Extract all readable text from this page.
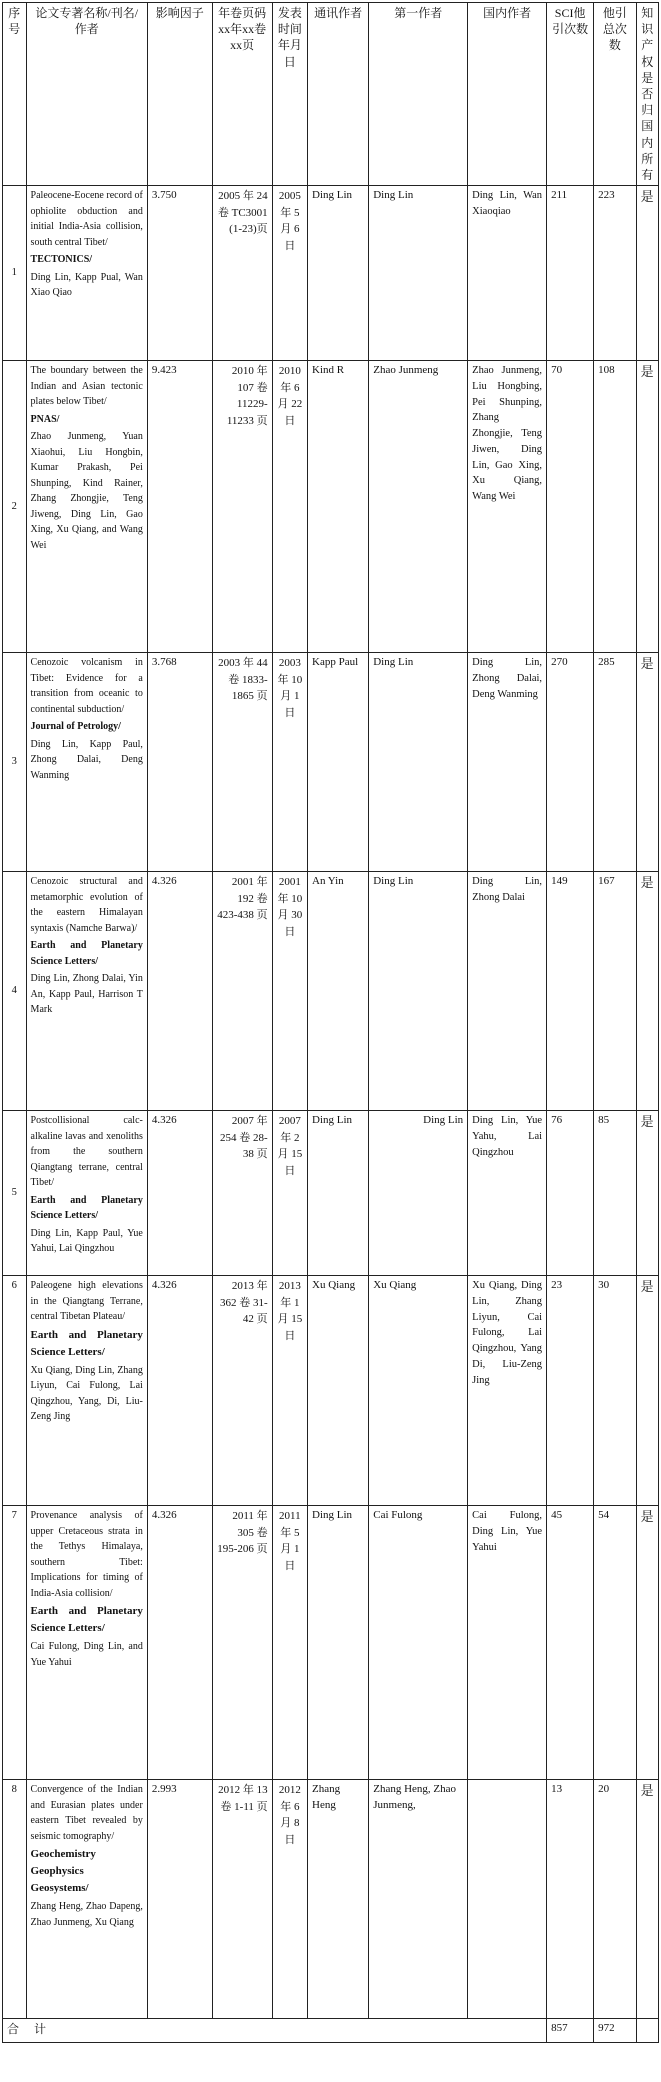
序号	论文专著名称/刊名/作者	影响因子	年卷页码xx年xx卷xx页	发表时间年月日	通讯作者	第一作者	国内作者	SCI他引次数	他引总次数	知识产权是否归国内所有
1	Paleocene-Eocene record of ophiolite obduction and initial India-Asia collision, south central Tibet/
TECTONICS/
Ding Lin, Kapp Pual, Wan Xiao Qiao	3.750	2005 年 24 卷 TC3001 (1-23)页	2005 年 5 月 6 日	Ding Lin	Ding Lin	Ding Lin, Wan Xiaoqiao	211	223	是
2	The boundary between the Indian and Asian tectonic plates below Tibet/
PNAS/
Zhao Junmeng, Yuan Xiaohui, Liu Hongbin, Kumar Prakash, Pei Shunping, Kind Rainer, Zhang Zhongjie, Teng Jiweng, Ding Lin, Gao Xing, Xu Qiang, and Wang Wei	9.423	2010 年 107 卷 11229-11233 页	2010 年 6 月 22 日	Kind R	Zhao Junmeng	Zhao Junmeng, Liu Hongbing, Pei Shunping, Zhang Zhongjie, Teng Jiwen, Ding Lin, Gao Xing, Xu Qiang, Wang Wei	70	108	是
3	Cenozoic volcanism in Tibet: Evidence for a transition from oceanic to continental subduction/
Journal of Petrology/
Ding Lin, Kapp Paul, Zhong Dalai, Deng Wanming	3.768	2003 年 44 卷 1833-1865 页	2003 年 10 月 1 日	Kapp Paul	Ding Lin	Ding Lin, Zhong Dalai, Deng Wanming	270	285	是
4	Cenozoic structural and metamorphic evolution of the eastern Himalayan syntaxis (Namche Barwa)/
Earth and Planetary Science Letters/
Ding Lin, Zhong Dalai, Yin An, Kapp Paul, Harrison T Mark	4.326	2001 年 192 卷 423-438 页	2001 年 10 月 30 日	An Yin	Ding Lin	Ding Lin, Zhong Dalai	149	167	是
5	Postcollisional calc-alkaline lavas and xenoliths from the southern Qiangtang terrane, central Tibet/
Earth and Planetary Science Letters/
Ding Lin, Kapp Paul, Yue Yahui, Lai Qingzhou	4.326	2007 年 254 卷 28-38 页	2007 年 2 月 15 日	Ding Lin	Ding Lin	Ding Lin, Yue Yahu, Lai Qingzhou	76	85	是
6	Paleogene high elevations in the Qiangtang Terrane, central Tibetan Plateau/
Earth and Planetary Science Letters/
Xu Qiang, Ding Lin, Zhang Liyun, Cai Fulong, Lai Qingzhou, Yang, Di, Liu-Zeng Jing	4.326	2013 年 362 卷 31-42 页	2013 年 1 月 15 日	Xu Qiang	Xu Qiang	Xu Qiang, Ding Lin, Zhang Liyun, Cai Fulong, Lai Qingzhou, Yang Di, Liu-Zeng Jing	23	30	是
7	Provenance analysis of upper Cretaceous strata in the Tethys Himalaya, southern Tibet: Implications for timing of India-Asia collision/
Earth and Planetary Science Letters/
Cai Fulong, Ding Lin, and Yue Yahui	4.326	2011 年 305 卷 195-206 页	2011 年 5 月 1 日	Ding Lin	Cai Fulong	Cai Fulong, Ding Lin, Yue Yahui	45	54	是
8	Convergence of the Indian and Eurasian plates under eastern Tibet revealed by seismic tomography/
Geochemistry Geophysics Geosystems/
Zhang Heng, Zhao Dapeng, Zhao Junmeng, Xu Qiang	2.993	2012 年 13 卷 1-11 页	2012 年 6 月 8 日	Zhang Heng	Zhang Heng, Zhao Junmeng,		13	20	是
合 计								857	972	
